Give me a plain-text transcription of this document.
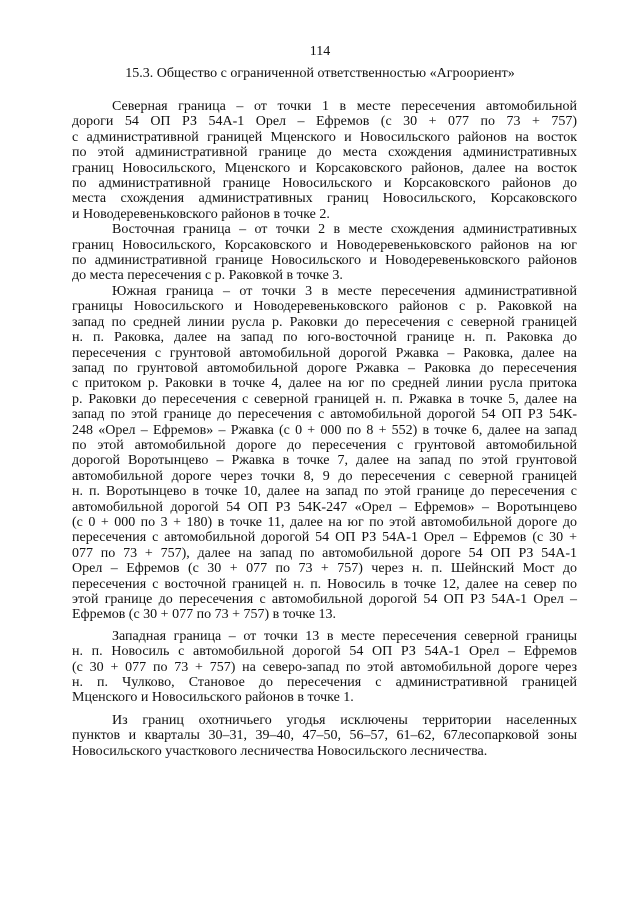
114
15.3. Общество с ограниченной ответственностью «Агроориент»
Северная граница – от точки 1 в месте пересечения автомобильной
дороги 54 ОП РЗ 54А-1 Орел – Ефремов (с 30 + 077 по 73 + 757)
с административной границей Мценского и Новосильского районов на восток
по этой административной границе до места схождения административных
границ Новосильского, Мценского и Корсаковского районов, далее на восток
по административной границе Новосильского и Корсаковского районов до
места схождения административных границ Новосильского, Корсаковского
и Новодеревеньковского районов в точке 2.
Восточная граница – от точки 2 в месте схождения административных
границ Новосильского, Корсаковского и Новодеревеньковского районов на юг
по административной границе Новосильского и Новодеревеньковского районов
до места пересечения с р. Раковкой в точке 3.
Южная граница – от точки 3 в месте пересечения административной
границы Новосильского и Новодеревеньковского районов с р. Раковкой на
запад по средней линии русла р. Раковки до пересечения с северной границей
н. п. Раковка, далее на запад по юго-восточной границе н. п. Раковка до
пересечения с грунтовой автомобильной дорогой Ржавка – Раковка, далее на
запад по грунтовой автомобильной дороге Ржавка – Раковка до пересечения
с притоком р. Раковки в точке 4, далее на юг по средней линии русла притока
р. Раковки до пересечения с северной границей н. п. Ржавка в точке 5, далее на
запад по этой границе до пересечения с автомобильной дорогой 54 ОП РЗ 54К-
248 «Орел – Ефремов» – Ржавка (с 0 + 000 по 8 + 552) в точке 6, далее на запад
по этой автомобильной дороге до пересечения с грунтовой автомобильной
дорогой Воротынцево – Ржавка в точке 7, далее на запад по этой грунтовой
автомобильной дороге через точки 8, 9 до пересечения с северной границей
н. п. Воротынцево в точке 10, далее на запад по этой границе до пересечения с
автомобильной дорогой 54 ОП РЗ 54К-247 «Орел – Ефремов» – Воротынцево
(с 0 + 000 по 3 + 180) в точке 11, далее на юг по этой автомобильной дороге до
пересечения с автомобильной дорогой 54 ОП РЗ 54А-1 Орел – Ефремов (с 30 +
077 по 73 + 757), далее на запад по автомобильной дороге 54 ОП РЗ 54А-1
Орел – Ефремов (с 30 + 077 по 73 + 757) через н. п. Шейнский Мост до
пересечения с восточной границей н. п. Новосиль в точке 12, далее на север по
этой границе до пересечения с автомобильной дорогой 54 ОП РЗ 54А-1 Орел –
Ефремов (с 30 + 077 по 73 + 757) в точке 13.
Западная граница – от точки 13 в месте пересечения северной границы
н. п. Новосиль с автомобильной дорогой 54 ОП РЗ 54А-1 Орел – Ефремов
(с 30 + 077 по 73 + 757) на северо-запад по этой автомобильной дороге через
н. п. Чулково, Становое до пересечения с административной границей
Мценского и Новосильского районов в точке 1.
Из границ охотничьего угодья исключены территории населенных
пунктов и кварталы 30–31, 39–40, 47–50, 56–57, 61–62, 67лесопарковой зоны
Новосильского участкового лесничества Новосильского лесничества.
